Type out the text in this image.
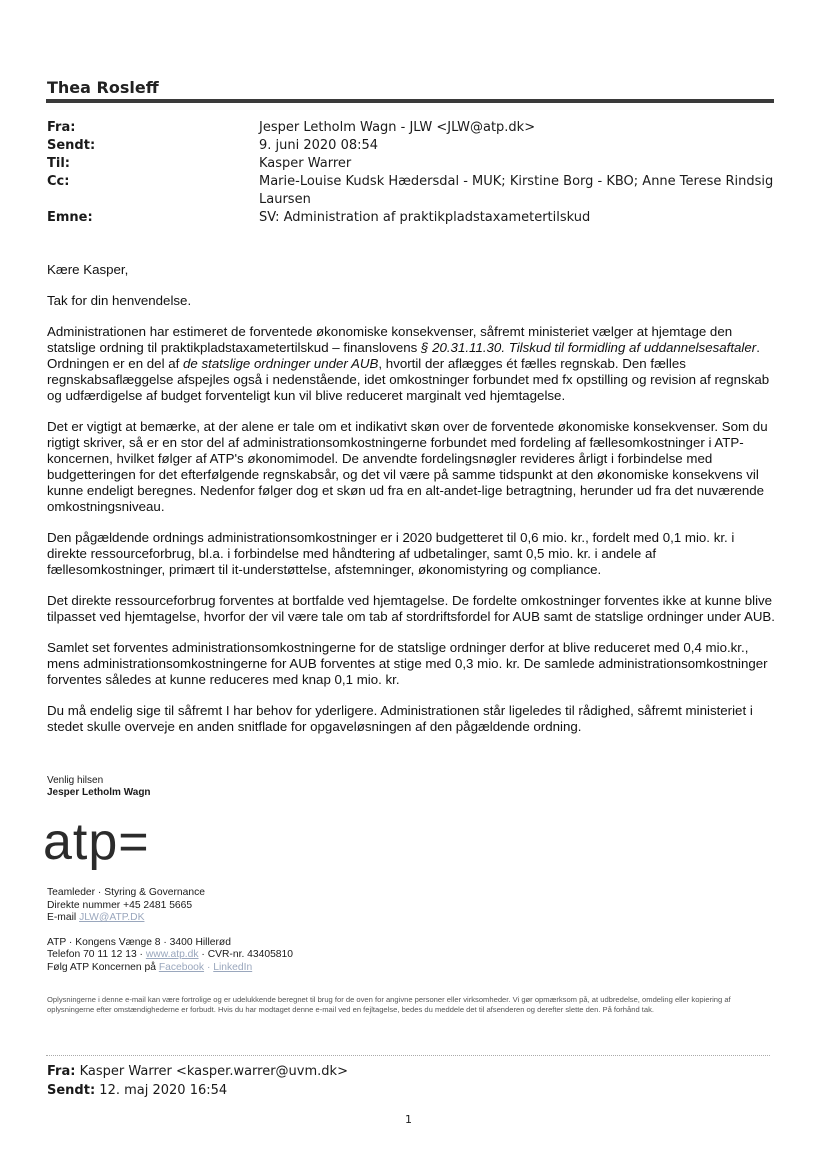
Thea Rosleff
Fra:	Jesper Letholm Wagn - JLW <JLW@atp.dk>
Sendt:	9. juni 2020 08:54
Til:	Kasper Warrer
Cc:	Marie-Louise Kudsk Hædersdal - MUK; Kirstine Borg - KBO; Anne Terese Rindsig Laursen
Emne:	SV: Administration af praktikpladstaxametertilskud

Kære Kasper,

Tak for din henvendelse.

Administrationen har estimeret de forventede økonomiske konsekvenser, såfremt ministeriet vælger at hjemtage den statslige ordning til praktikpladstaxametertilskud – finanslovens § 20.31.11.30. Tilskud til formidling af uddannelsesaftaler. Ordningen er en del af de statslige ordninger under AUB, hvortil der aflægges ét fælles regnskab. Den fælles regnskabsaflæggelse afspejles også i nedenstående, idet omkostninger forbundet med fx opstilling og revision af regnskab og udfærdigelse af budget forventeligt kun vil blive reduceret marginalt ved hjemtagelse.

Det er vigtigt at bemærke, at der alene er tale om et indikativt skøn over de forventede økonomiske konsekvenser. Som du rigtigt skriver, så er en stor del af administrationsomkostningerne forbundet med fordeling af fællesomkostninger i ATP-koncernen, hvilket følger af ATP's økonomimodel. De anvendte fordelingsnøgler revideres årligt i forbindelse med budgetteringen for det efterfølgende regnskabsår, og det vil være på samme tidspunkt at den økonomiske konsekvens vil kunne endeligt beregnes. Nedenfor følger dog et skøn ud fra en alt-andet-lige betragtning, herunder ud fra det nuværende omkostningsniveau.

Den pågældende ordnings administrationsomkostninger er i 2020 budgetteret til 0,6 mio. kr., fordelt med 0,1 mio. kr. i direkte ressourceforbrug, bl.a. i forbindelse med håndtering af udbetalinger, samt 0,5 mio. kr. i andele af fællesomkostninger, primært til it-understøttelse, afstemninger, økonomistyring og compliance.

Det direkte ressourceforbrug forventes at bortfalde ved hjemtagelse. De fordelte omkostninger forventes ikke at kunne blive tilpasset ved hjemtagelse, hvorfor der vil være tale om tab af stordriftsfordel for AUB samt de statslige ordninger under AUB.

Samlet set forventes administrationsomkostningerne for de statslige ordninger derfor at blive reduceret med 0,4 mio.kr., mens administrationsomkostningerne for AUB forventes at stige med 0,3 mio. kr. De samlede administrationsomkostninger forventes således at kunne reduceres med knap 0,1 mio. kr.

Du må endelig sige til såfremt I har behov for yderligere. Administrationen står ligeledes til rådighed, såfremt ministeriet i stedet skulle overveje en anden snitflade for opgaveløsningen af den pågældende ordning.

Venlig hilsen
Jesper Letholm Wagn
atp=
Teamleder · Styring & Governance
Direkte nummer +45 2481 5665
E-mail JLW@ATP.DK
ATP · Kongens Vænge 8 · 3400 Hillerød
Telefon 70 11 12 13 · www.atp.dk · CVR-nr. 43405810
Følg ATP Koncernen på Facebook · LinkedIn
Oplysningerne i denne e-mail kan være fortrolige og er udelukkende beregnet til brug for de oven for angivne personer eller virksomheder. Vi gør opmærksom på, at udbredelse, omdeling eller kopiering af oplysningerne efter omstændighederne er forbudt. Hvis du har modtaget denne e-mail ved en fejltagelse, bedes du meddele det til afsenderen og derefter slette den. På forhånd tak.
Fra: Kasper Warrer <kasper.warrer@uvm.dk>
Sendt: 12. maj 2020 16:54
1
